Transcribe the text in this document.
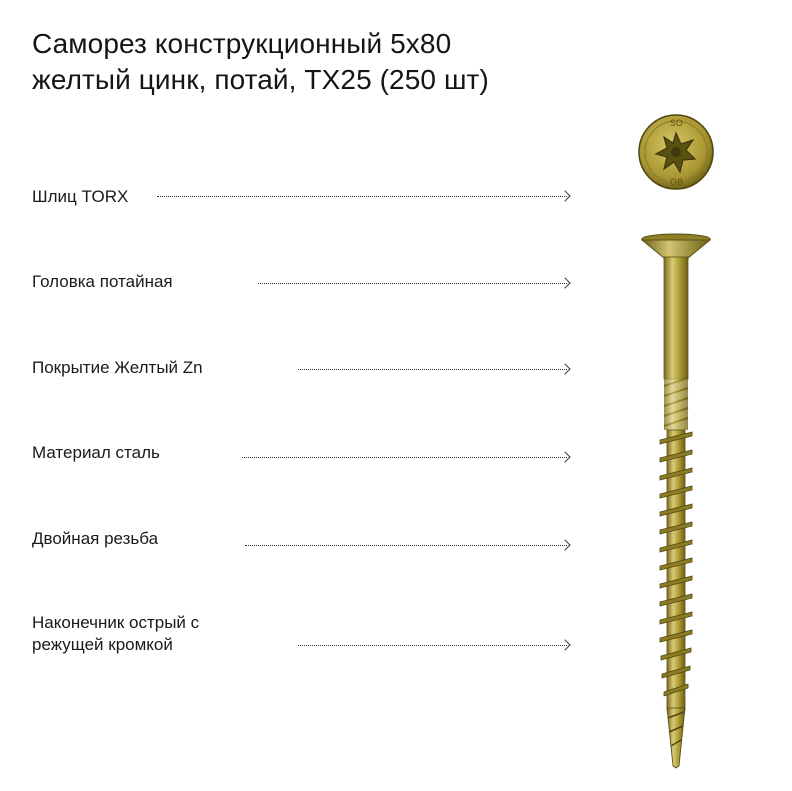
Саморез конструкционный 5х80
желтый цинк, потай, TX25 (250 шт)
Шлиц TORX
Головка потайная
Покрытие Желтый Zn
Материал сталь
Двойная резьба
Наконечник острый с
режущей кромкой
SO
OB
